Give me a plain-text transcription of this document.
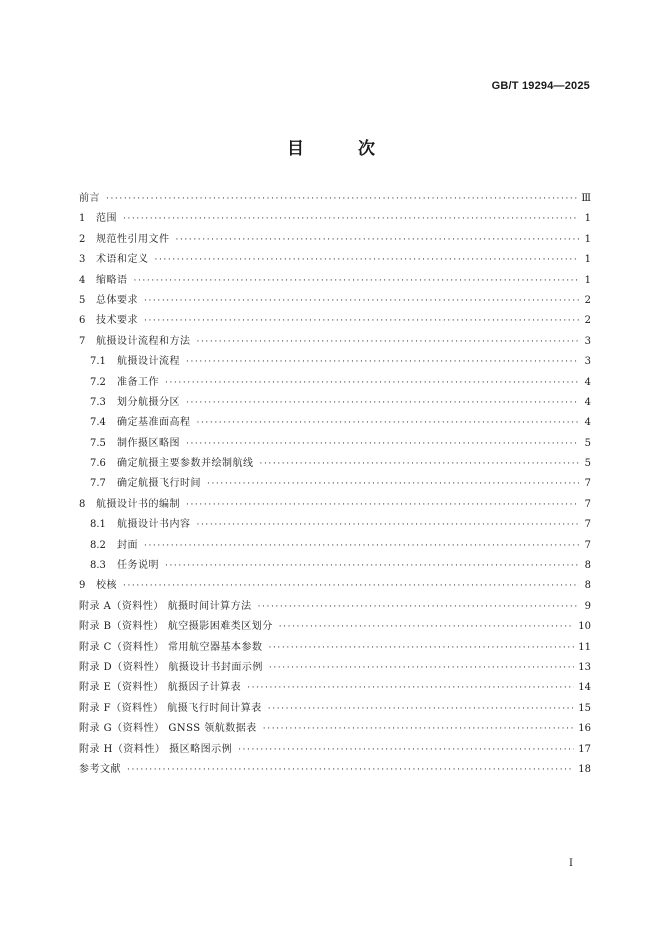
GB/T 19294—2025
目 次
前言 ·····	Ⅲ
1	范围 ·····	1
2	规范性引用文件 ·····	1
3	术语和定义 ·····	1
4	缩略语 ·····	1
5	总体要求 ·····	2
6	技术要求 ·····	2
7	航摄设计流程和方法 ·····	3
7.1	航摄设计流程 ·····	3
7.2	准备工作 ·····	4
7.3	划分航摄分区 ·····	4
7.4	确定基准面高程 ·····	4
7.5	制作摄区略图 ·····	5
7.6	确定航摄主要参数并绘制航线 ·····	5
7.7	确定航摄飞行时间 ·····	7
8	航摄设计书的编制 ·····	7
8.1	航摄设计书内容 ·····	7
8.2	封面 ·····	7
8.3	任务说明 ·····	8
9	校核 ·····	8
附录 A（资料性） 航摄时间计算方法 ·····	9
附录 B（资料性） 航空摄影困难类区划分 ·····	10
附录 C（资料性） 常用航空器基本参数 ·····	11
附录 D（资料性） 航摄设计书封面示例 ·····	13
附录 E（资料性） 航摄因子计算表 ·····	14
附录 F（资料性） 航摄飞行时间计算表 ·····	15
附录 G（资料性） GNSS 领航数据表 ·····	16
附录 H（资料性） 摄区略图示例 ·····	17
参考文献 ·····	18
I
